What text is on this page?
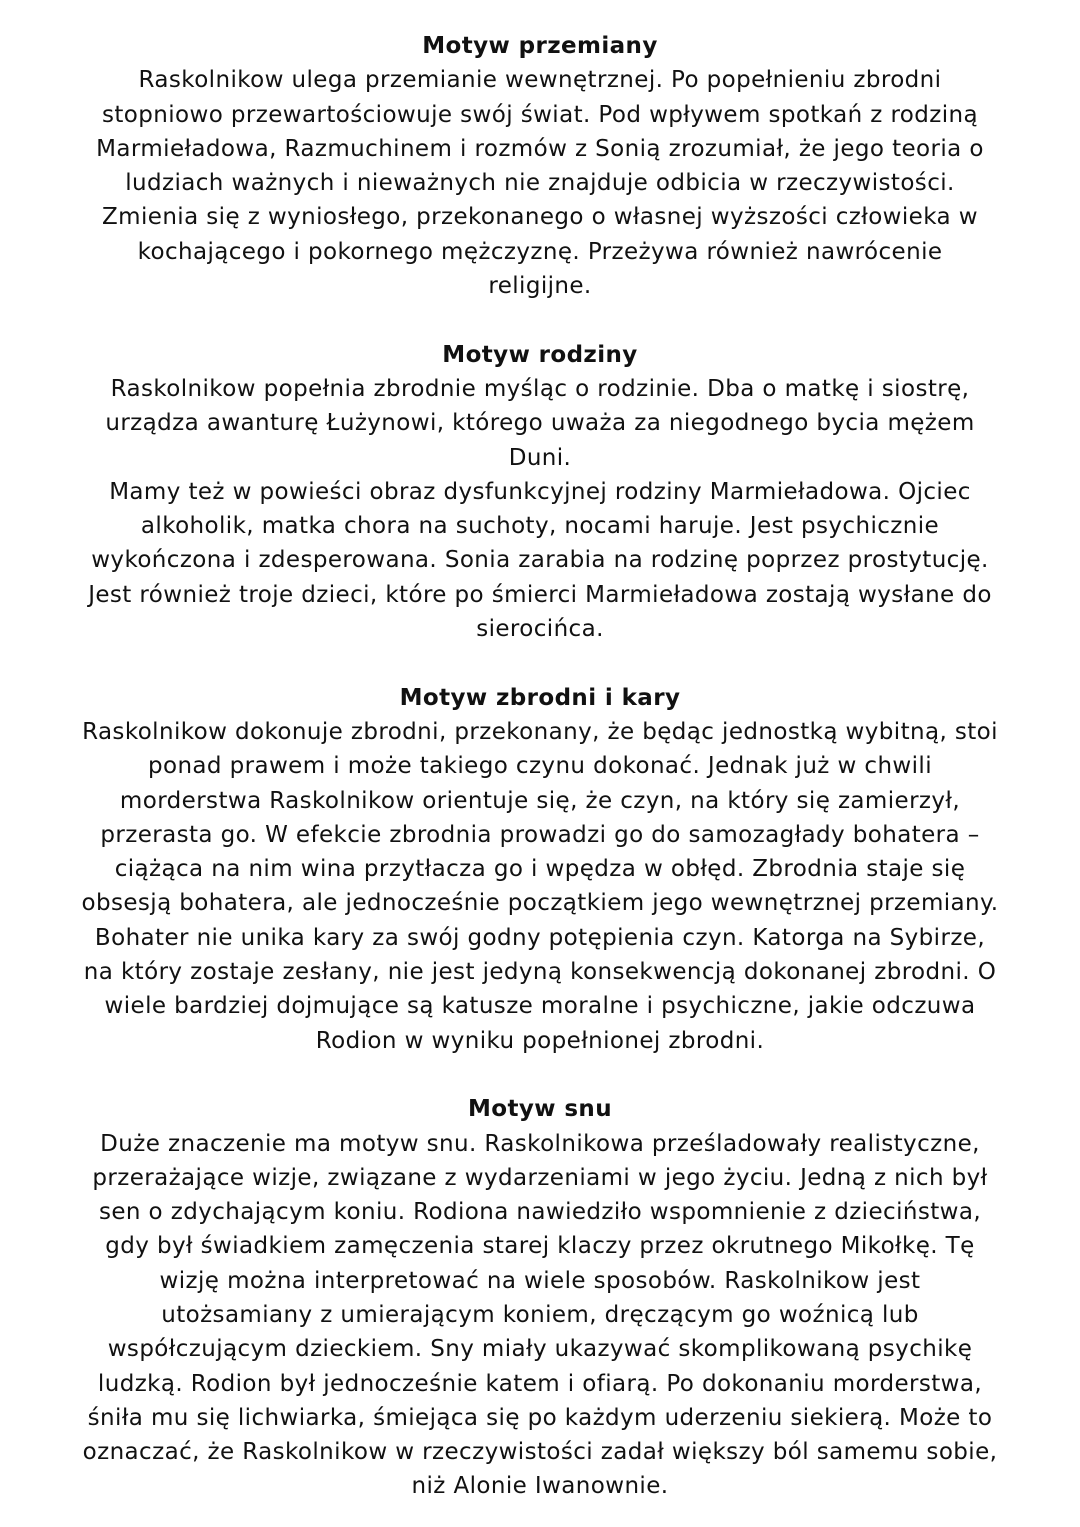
Motyw przemiany
Raskolnikow ulega przemianie wewnętrznej. Po popełnieniu zbrodni
stopniowo przewartościowuje swój świat. Pod wpływem spotkań z rodziną
Marmieładowa, Razmuchinem i rozmów z Sonią zrozumiał, że jego teoria o
ludziach ważnych i nieważnych nie znajduje odbicia w rzeczywistości.
Zmienia się z wyniosłego, przekonanego o własnej wyższości człowieka w
kochającego i pokornego mężczyznę. Przeżywa również nawrócenie
religijne.
Motyw rodziny
Raskolnikow popełnia zbrodnie myśląc o rodzinie. Dba o matkę i siostrę,
urządza awanturę Łużynowi, którego uważa za niegodnego bycia mężem
Duni.
Mamy też w powieści obraz dysfunkcyjnej rodziny Marmieładowa. Ojciec
alkoholik, matka chora na suchoty, nocami haruje. Jest psychicznie
wykończona i zdesperowana. Sonia zarabia na rodzinę poprzez prostytucję.
Jest również troje dzieci, które po śmierci Marmieładowa zostają wysłane do
sierocińca.
Motyw zbrodni i kary
Raskolnikow dokonuje zbrodni, przekonany, że będąc jednostką wybitną, stoi
ponad prawem i może takiego czynu dokonać. Jednak już w chwili
morderstwa Raskolnikow orientuje się, że czyn, na który się zamierzył,
przerasta go. W efekcie zbrodnia prowadzi go do samozagłady bohatera –
ciążąca na nim wina przytłacza go i wpędza w obłęd. Zbrodnia staje się
obsesją bohatera, ale jednocześnie początkiem jego wewnętrznej przemiany.
Bohater nie unika kary za swój godny potępienia czyn. Katorga na Sybirze,
na który zostaje zesłany, nie jest jedyną konsekwencją dokonanej zbrodni. O
wiele bardziej dojmujące są katusze moralne i psychiczne, jakie odczuwa
Rodion w wyniku popełnionej zbrodni.
Motyw snu
Duże znaczenie ma motyw snu. Raskolnikowa prześladowały realistyczne,
przerażające wizje, związane z wydarzeniami w jego życiu. Jedną z nich był
sen o zdychającym koniu. Rodiona nawiedziło wspomnienie z dzieciństwa,
gdy był świadkiem zamęczenia starej klaczy przez okrutnego Mikołkę. Tę
wizję można interpretować na wiele sposobów. Raskolnikow jest
utożsamiany z umierającym koniem, dręczącym go woźnicą lub
współczującym dzieckiem. Sny miały ukazywać skomplikowaną psychikę
ludzką. Rodion był jednocześnie katem i ofiarą. Po dokonaniu morderstwa,
śniła mu się lichwiarka, śmiejąca się po każdym uderzeniu siekierą. Może to
oznaczać, że Raskolnikow w rzeczywistości zadał większy ból samemu sobie,
niż Alonie Iwanownie.
